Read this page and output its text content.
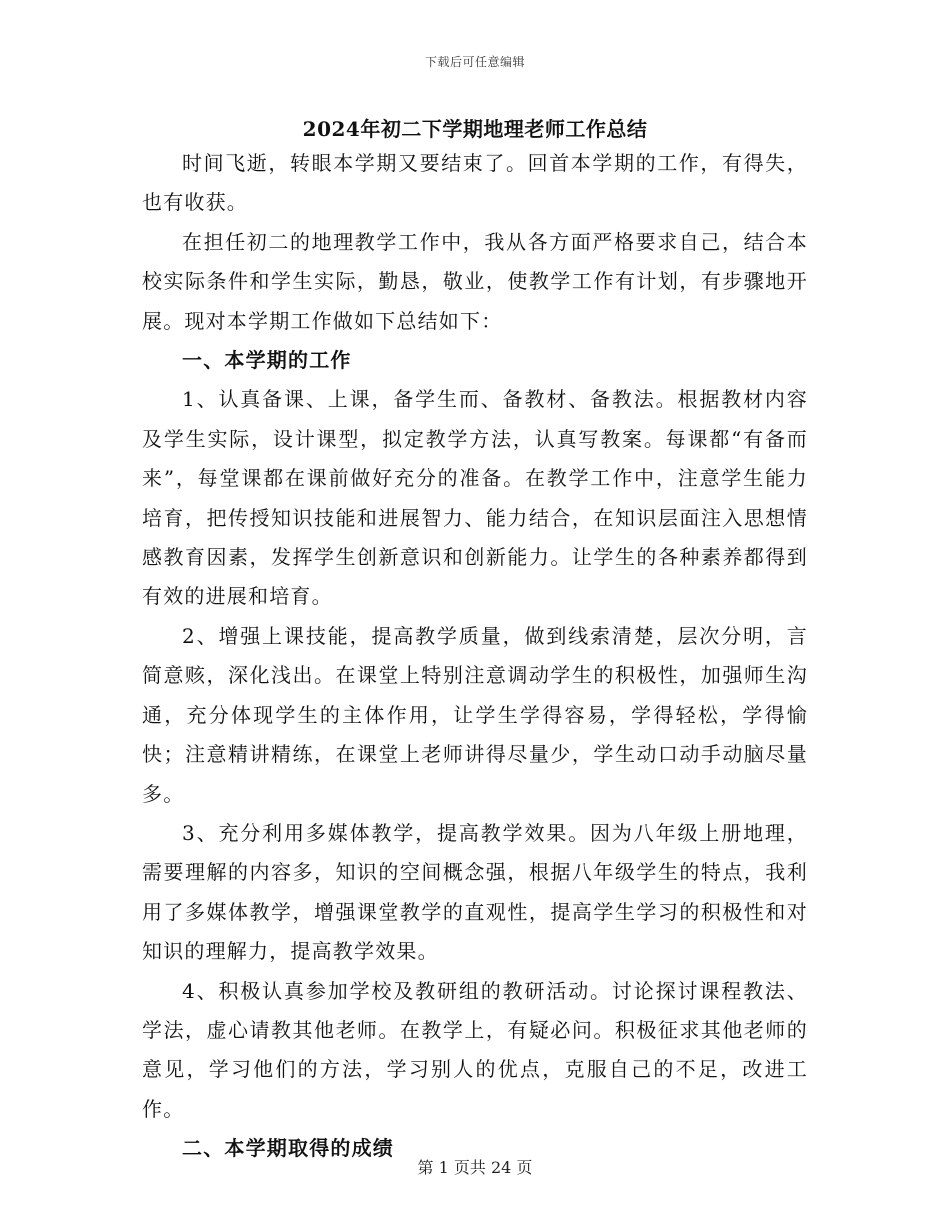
下载后可任意编辑
2024年初二下学期地理老师工作总结

时间飞逝，转眼本学期又要结束了。回首本学期的工作，有得失，也有收获。

在担任初二的地理教学工作中，我从各方面严格要求自己，结合本校实际条件和学生实际，勤恳，敬业，使教学工作有计划，有步骤地开展。现对本学期工作做如下总结如下：

一、本学期的工作

1、认真备课、上课，备学生而、备教材、备教法。根据教材内容及学生实际，设计课型，拟定教学方法，认真写教案。每课都“有备而来”，每堂课都在课前做好充分的准备。在教学工作中，注意学生能力培育，把传授知识技能和进展智力、能力结合，在知识层面注入思想情感教育因素，发挥学生创新意识和创新能力。让学生的各种素养都得到有效的进展和培育。

2、增强上课技能，提高教学质量，做到线索清楚，层次分明，言简意赅，深化浅出。在课堂上特别注意调动学生的积极性，加强师生沟通，充分体现学生的主体作用，让学生学得容易，学得轻松，学得愉快；注意精讲精练，在课堂上老师讲得尽量少，学生动口动手动脑尽量多。

3、充分利用多媒体教学，提高教学效果。因为八年级上册地理，需要理解的内容多，知识的空间概念强，根据八年级学生的特点，我利用了多媒体教学，增强课堂教学的直观性，提高学生学习的积极性和对知识的理解力，提高教学效果。

4、积极认真参加学校及教研组的教研活动。讨论探讨课程教法、学法，虚心请教其他老师。在教学上，有疑必问。积极征求其他老师的意见，学习他们的方法，学习别人的优点，克服自己的不足，改进工作。

二、本学期取得的成绩

第 1 页共 24 页
